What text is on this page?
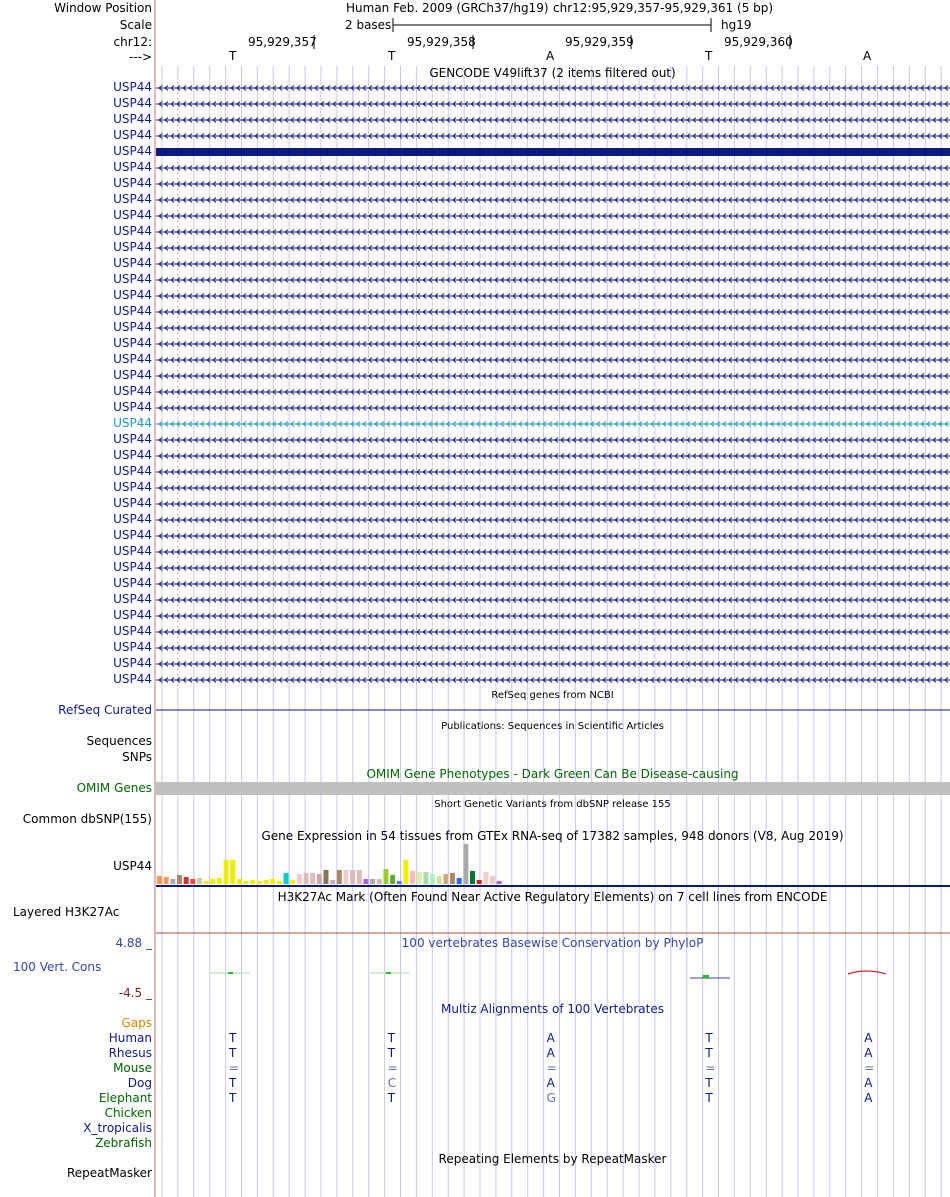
Window Position
Scale
chr12:
--->
Human Feb. 2009 (GRCh37/hg19) chr12:95,929,357-95,929,361 (5 bp)
2 bases	hg19
95,929,357	95,929,358	95,929,359	95,929,360
T	T	A	T	A
GENCODE V49lift37 (2 items filtered out)
USP44
USP44
USP44
USP44
USP44
USP44
USP44
USP44
USP44
USP44
USP44
USP44
USP44
USP44
USP44
USP44
USP44
USP44
USP44
USP44
USP44
USP44
USP44
USP44
USP44
USP44
USP44
USP44
USP44
USP44
USP44
USP44
USP44
USP44
USP44
USP44
USP44
USP44
RefSeq genes from NCBI
RefSeq Curated
Publications: Sequences in Scientific Articles
Sequences
SNPs
OMIM Gene Phenotypes - Dark Green Can Be Disease-causing
OMIM Genes
Short Genetic Variants from dbSNP release 155
Common dbSNP(155)
Gene Expression in 54 tissues from GTEx RNA-seq of 17382 samples, 948 donors (V8, Aug 2019)
USP44
H3K27Ac Mark (Often Found Near Active Regulatory Elements) on 7 cell lines from ENCODE
Layered H3K27Ac
100 vertebrates Basewise Conservation by PhyloP
4.88 _
100 Vert. Cons
-4.5 _
Multiz Alignments of 100 Vertebrates
Gaps
Human	T	T	A	T	A
Rhesus	T	T	A	T	A
Mouse	=	=	=	=	=
Dog	T	C	A	T	A
Elephant	T	T	G	T	A
Chicken
X_tropicalis
Zebrafish
Repeating Elements by RepeatMasker
RepeatMasker
